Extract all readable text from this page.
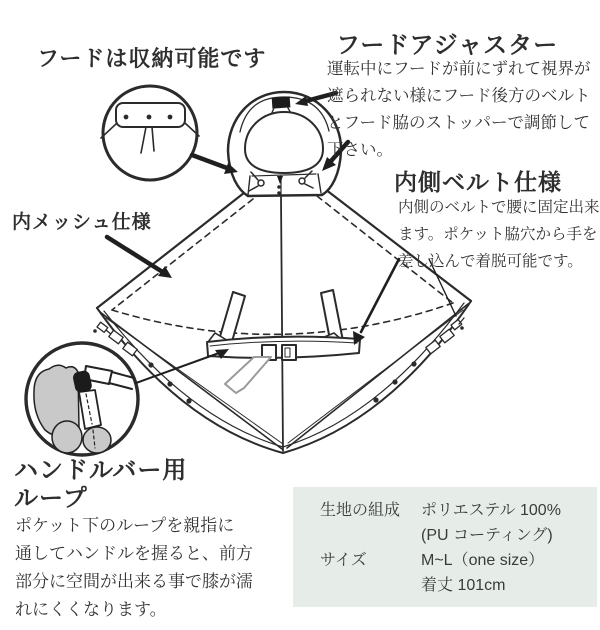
フードは収納可能です	フードアジャスター
運転中にフードが前にずれて視界が
遮られない様にフード後方のベルト
とフード脇のストッパーで調節して
下さい。
内側ベルト仕様
内側のベルトで腰に固定出来
ます。ポケット脇穴から手を
差し込んで着脱可能です。
内メッシュ仕様
ハンドルバー用
ループ
ポケット下のループを親指に
通してハンドルを握ると、前方
部分に空間が出来る事で膝が濡
れにくくなります。
生地の組成	ポリエステル 100%
(PU コーティング)
サイズ	M~L（one size）
着丈 101cm
